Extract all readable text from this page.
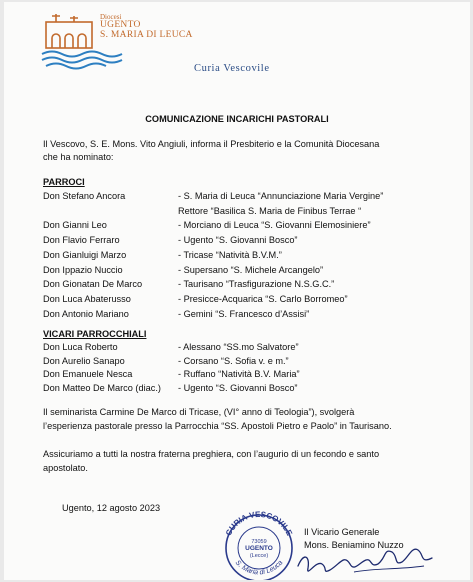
Diocesi
UGENTO
S. MARIA DI LEUCA
Curia Vescovile
COMUNICAZIONE INCARICHI PASTORALI
Il Vescovo, S. E. Mons. Vito Angiuli, informa il Presbiterio e la Comunità Diocesana
che ha nominato:
PARROCI
Don Stefano Ancora	- S. Maria di Leuca “Annunciazione Maria Vergine”
Rettore “Basilica S. Maria de Finibus Terrae “
Don Gianni Leo	- Morciano di Leuca “S. Giovanni Elemosiniere”
Don Flavio Ferraro	- Ugento “S. Giovanni Bosco”
Don Gianluigi Marzo	- Tricase “Natività B.V.M.”
Don Ippazio Nuccio	- Supersano “S. Michele Arcangelo”
Don Gionatan De Marco	- Taurisano “Trasfigurazione N.S.G.C.”
Don Luca Abaterusso	- Presicce-Acquarica “S. Carlo Borromeo”
Don Antonio Mariano	- Gemini “S. Francesco d’Assisi”
VICARI PARROCCHIALI
Don Luca Roberto	- Alessano “SS.mo Salvatore”
Don Aurelio Sanapo	- Corsano “S. Sofia v. e m.”
Don Emanuele Nesca	- Ruffano “Natività B.V. Maria”
Don Matteo De Marco (diac.) - Ugento “S. Giovanni Bosco”
Il seminarista Carmine De Marco di Tricase, (VI° anno di Teologia”), svolgerà
l’esperienza pastorale presso la Parrocchia “SS. Apostoli Pietro e Paolo” in Taurisano.
Assicuriamo a tutti la nostra fraterna preghiera, con l’augurio di un fecondo e santo
apostolato.
Ugento, 12 agosto 2023
CURIA VESCOVILE
S. Maria di Leuca
73059
UGENTO
(Lecce)
Il Vicario Generale
Mons. Beniamino Nuzzo
